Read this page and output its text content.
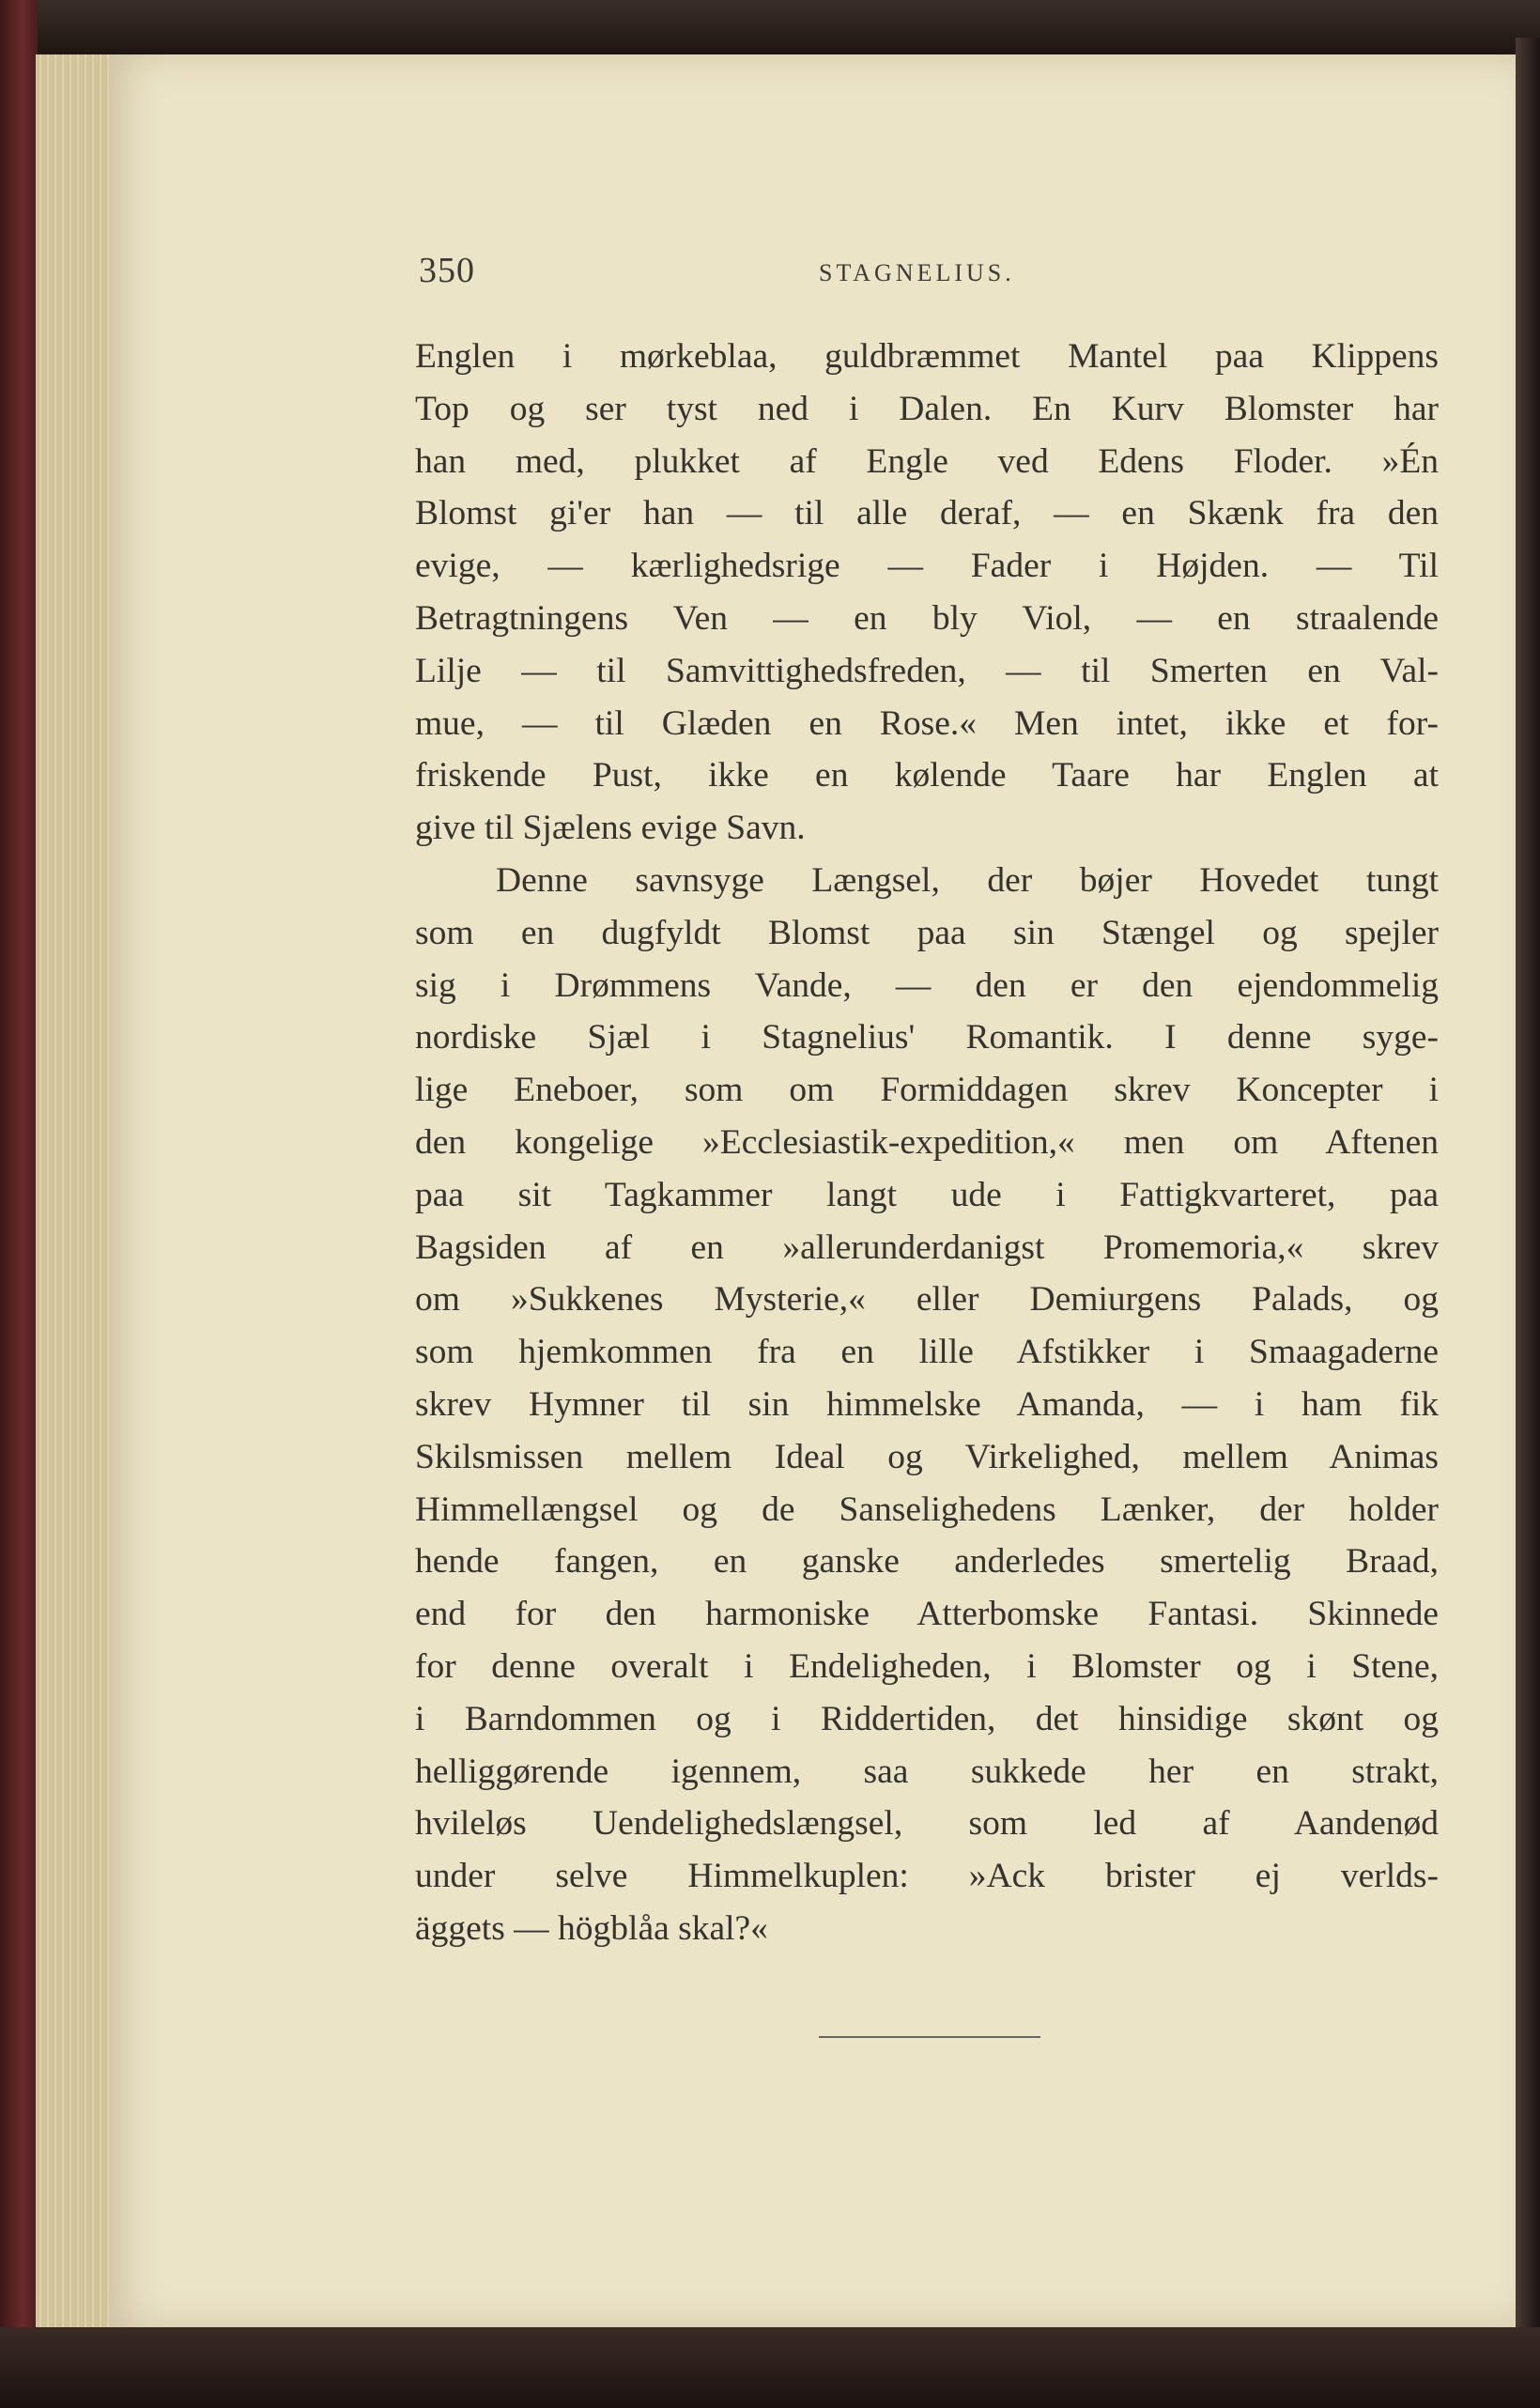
350	STAGNELIUS.
Englen i mørkeblaa, guldbræmmet Mantel paa Klippens
Top og ser tyst ned i Dalen. En Kurv Blomster har
han med, plukket af Engle ved Edens Floder. »Én
Blomst gi'er han — til alle deraf, — en Skænk fra den
evige, — kærlighedsrige — Fader i Højden. — Til
Betragtningens Ven — en bly Viol, — en straalende
Lilje — til Samvittighedsfreden, — til Smerten en Val-
mue, — til Glæden en Rose.« Men intet, ikke et for-
friskende Pust, ikke en kølende Taare har Englen at
give til Sjælens evige Savn.
Denne savnsyge Længsel, der bøjer Hovedet tungt
som en dugfyldt Blomst paa sin Stængel og spejler
sig i Drømmens Vande, — den er den ejendommelig
nordiske Sjæl i Stagnelius' Romantik. I denne syge-
lige Eneboer, som om Formiddagen skrev Koncepter i
den kongelige »Ecclesiastik-expedition,« men om Aftenen
paa sit Tagkammer langt ude i Fattigkvarteret, paa
Bagsiden af en »allerunderdanigst Promemoria,« skrev
om »Sukkenes Mysterie,« eller Demiurgens Palads, og
som hjemkommen fra en lille Afstikker i Smaagaderne
skrev Hymner til sin himmelske Amanda, — i ham fik
Skilsmissen mellem Ideal og Virkelighed, mellem Animas
Himmellængsel og de Sanselighedens Lænker, der holder
hende fangen, en ganske anderledes smertelig Braad,
end for den harmoniske Atterbomske Fantasi. Skinnede
for denne overalt i Endeligheden, i Blomster og i Stene,
i Barndommen og i Riddertiden, det hinsidige skønt og
helliggørende igennem, saa sukkede her en strakt,
hvileløs Uendelighedslængsel, som led af Aandenød
under selve Himmelkuplen: »Ack brister ej verlds-
äggets — högblåa skal?«
